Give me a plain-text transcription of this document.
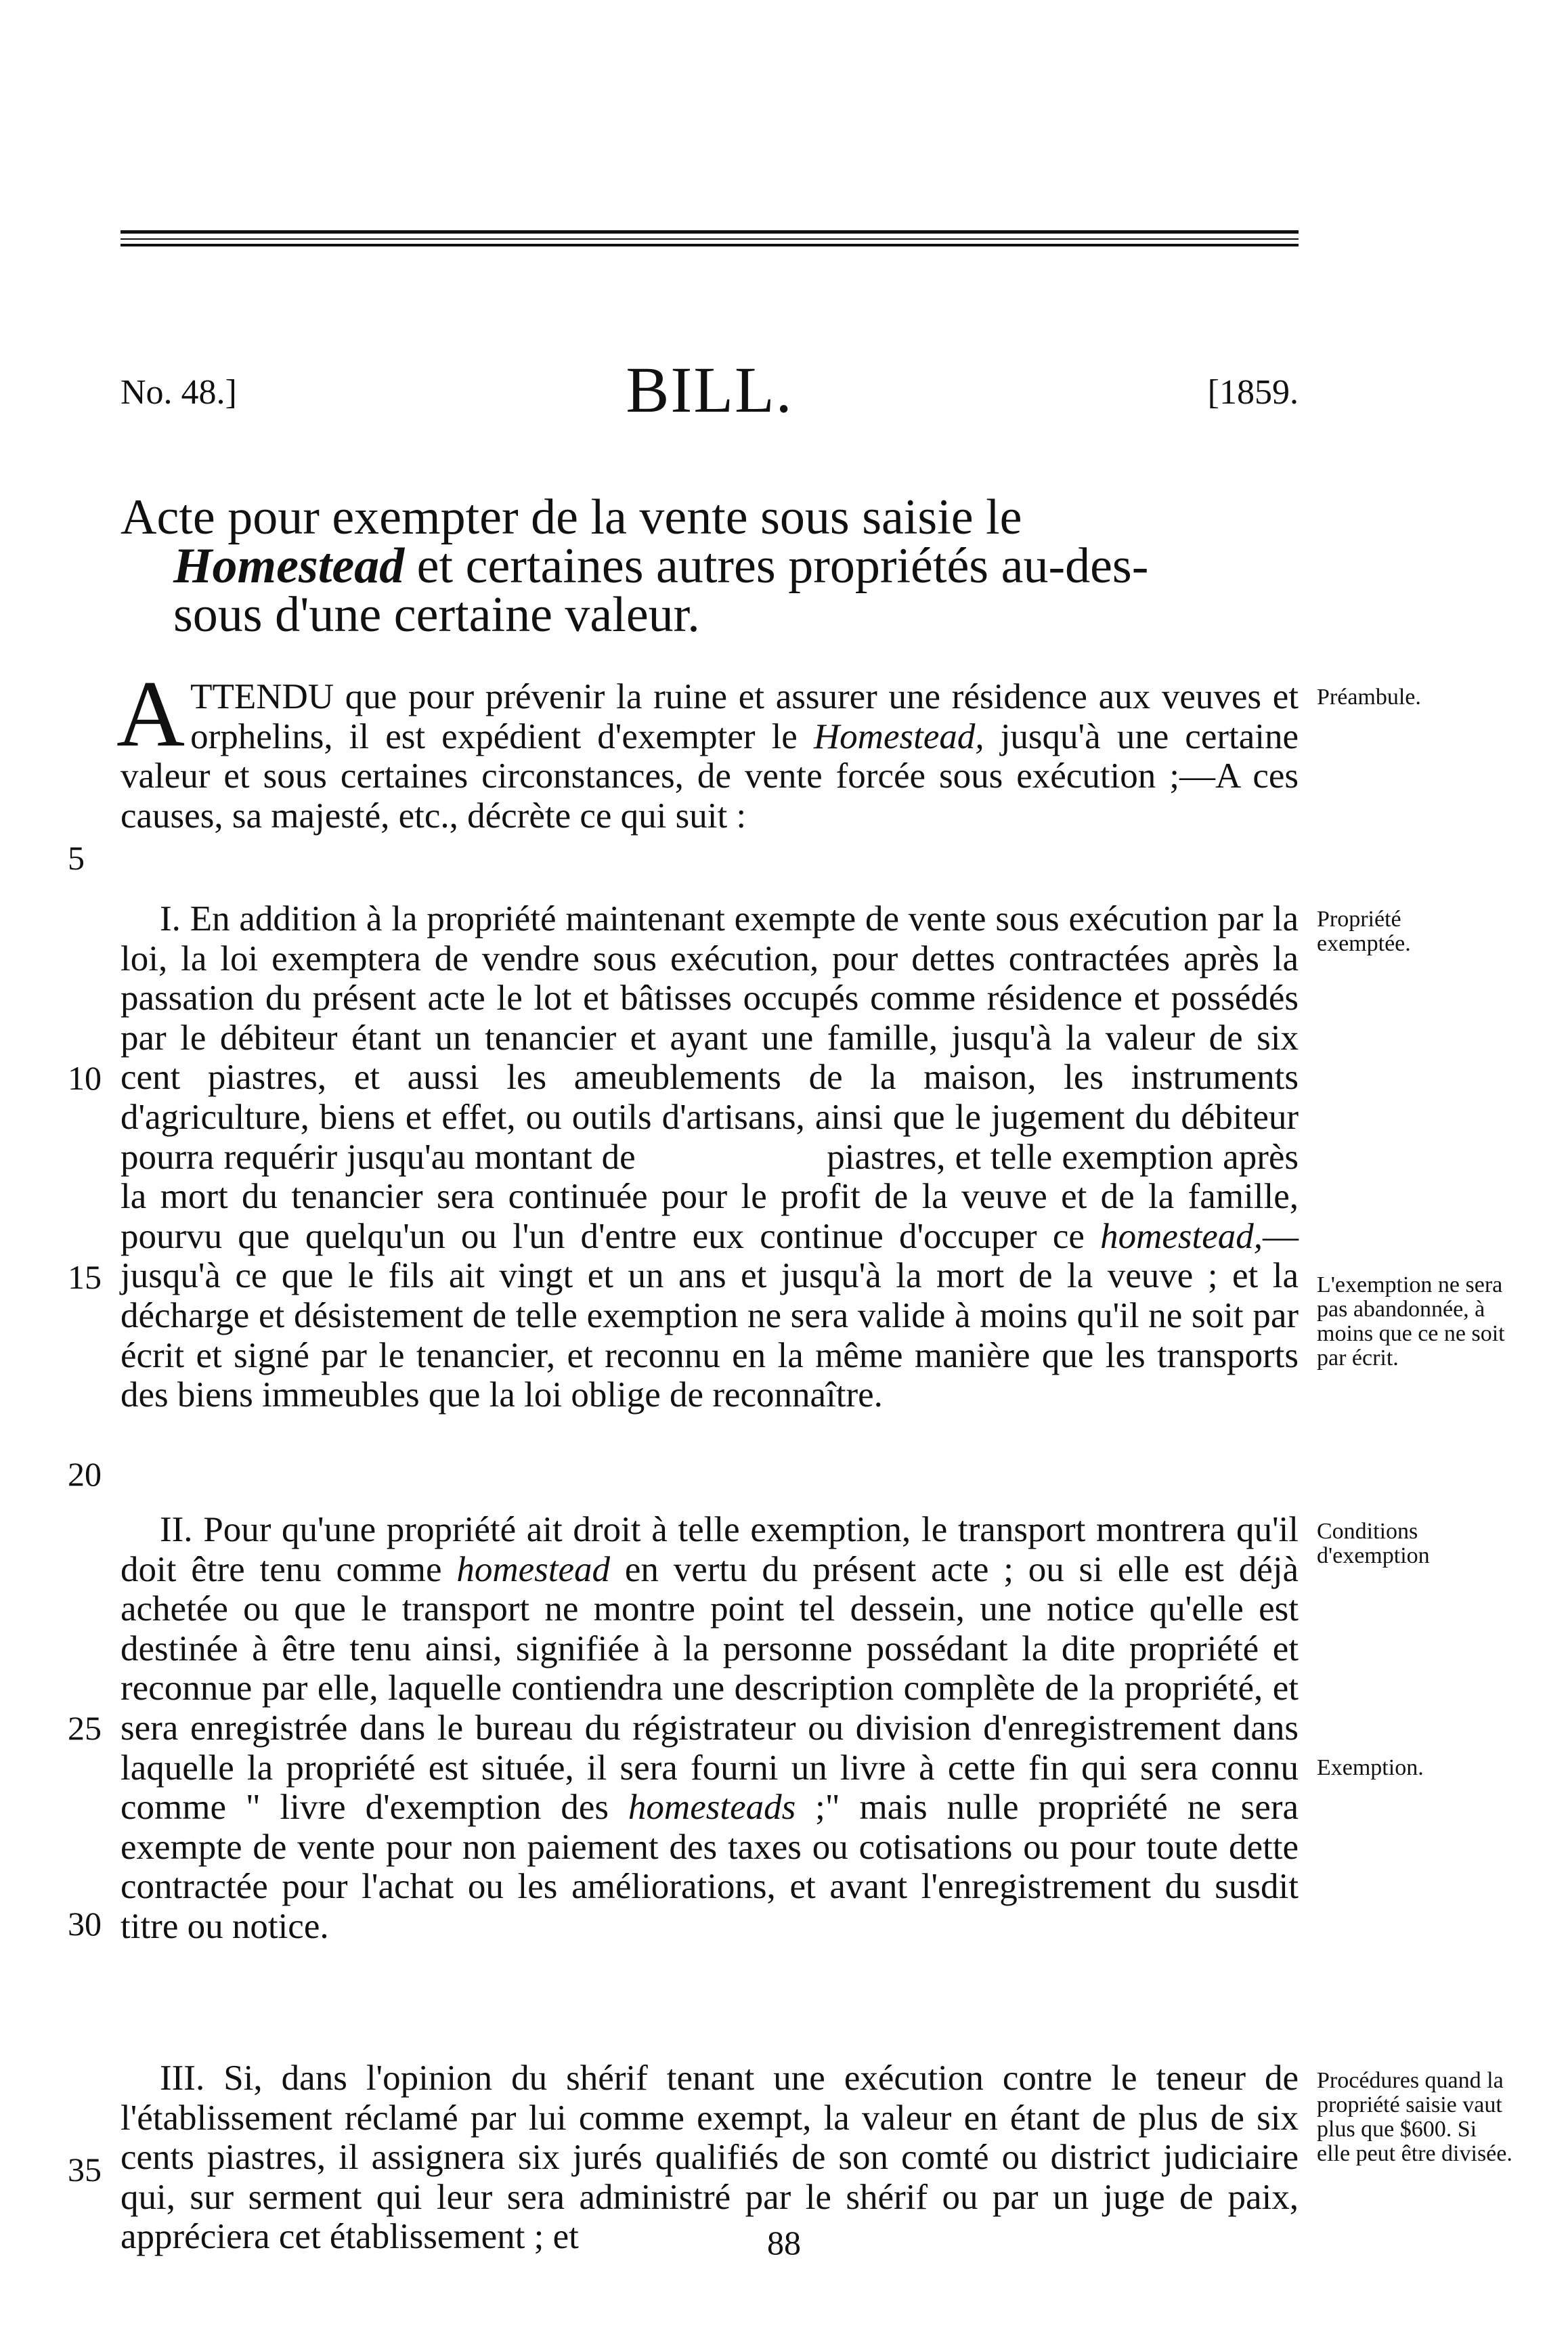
No. 48.]	BILL.	[1859.
Acte pour exempter de la vente sous saisie le
Homestead et certaines autres propriétés au-des-
sous d'une certaine valeur.
ATTENDU que pour prévenir la ruine et assurer une résidence aux veuves et orphelins, il est expédient d'exempter le Homestead, jusqu'à une certaine valeur et sous certaines circonstances, de vente forcée sous exécution ;—A ces causes, sa majesté, etc., décrète ce qui suit :
I. En addition à la propriété maintenant exempte de vente sous exécution par la loi, la loi exemptera de vendre sous exécution, pour dettes contractées après la passation du présent acte le lot et bâtisses occupés comme résidence et possédés par le débiteur étant un tenancier et ayant une famille, jusqu'à la valeur de six cent piastres, et aussi les ameublements de la maison, les instruments d'agriculture, biens et effet, ou outils d'artisans, ainsi que le jugement du débiteur pourra requérir jusqu'au montant de                    piastres, et telle exemption après la mort du tenancier sera continuée pour le profit de la veuve et de la famille, pourvu que quelqu'un ou l'un d'entre eux continue d'occuper ce homestead,—jusqu'à ce que le fils ait vingt et un ans et jusqu'à la mort de la veuve ; et la décharge et désistement de telle exemption ne sera valide à moins qu'il ne soit par écrit et signé par le tenancier, et reconnu en la même manière que les transports des biens immeubles que la loi oblige de reconnaître.
II. Pour qu'une propriété ait droit à telle exemption, le transport montrera qu'il doit être tenu comme homestead en vertu du présent acte ; ou si elle est déjà achetée ou que le transport ne montre point tel dessein, une notice qu'elle est destinée à être tenu ainsi, signifiée à la personne possédant la dite propriété et reconnue par elle, laquelle contiendra une description complète de la propriété, et sera enregistrée dans le bureau du régistrateur ou division d'enregistrement dans laquelle la propriété est située, il sera fourni un livre à cette fin qui sera connu comme " livre d'exemption des homesteads ;" mais nulle propriété ne sera exempte de vente pour non paiement des taxes ou cotisations ou pour toute dette contractée pour l'achat ou les améliorations, et avant l'enregistrement du susdit titre ou notice.
III. Si, dans l'opinion du shérif tenant une exécution contre le teneur de l'établissement réclamé par lui comme exempt, la valeur en étant de plus de six cents piastres, il assignera six jurés qualifiés de son comté ou district judiciaire qui, sur serment qui leur sera administré par le shérif ou par un juge de paix, appréciera cet établissement ; et
5
10
15
20
25
30
35
Préambule.
Propriété exemptée.
L'exemption ne sera pas abandonnée, à moins que ce ne soit par écrit.
Conditions d'exemption
Exemption.
Procédures quand la propriété saisie vaut plus que $600. Si elle peut être divisée.
88
